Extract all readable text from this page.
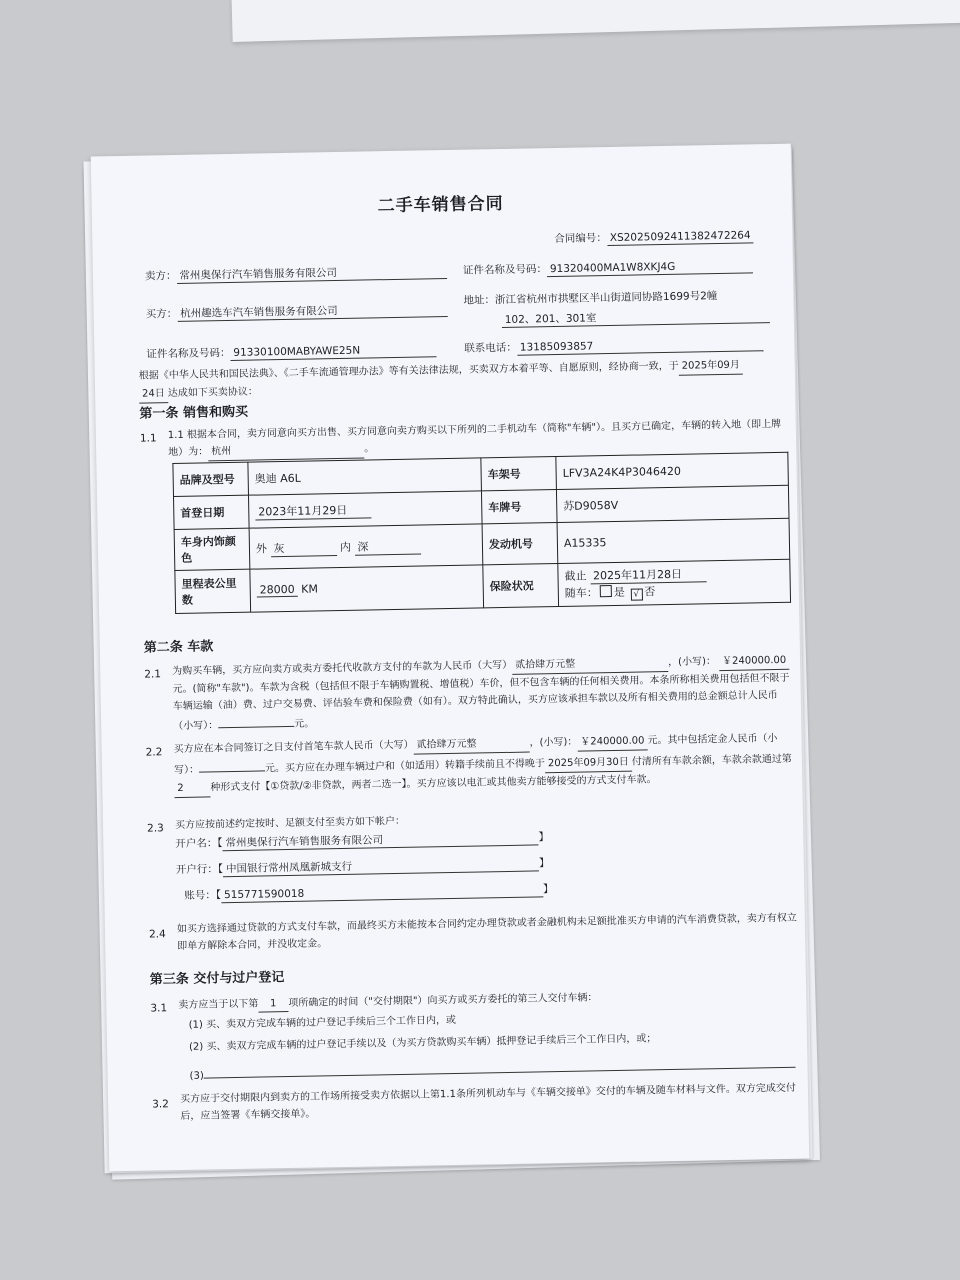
二手车销售合同
合同编号： XS2025092411382472264
卖方： 常州奥保行汽车销售服务有限公司	证件名称及号码： 91320400MA1W8XKJ4G
买方： 杭州趣选车汽车销售服务有限公司
地址：浙江省杭州市拱墅区半山街道同协路1699号2幢
102、201、301室
证件名称及号码： 91330100MABYAWE25N	联系电话： 13185093857
根据《中华人民共和国民法典》、《二手车流通管理办法》等有关法律法规，买卖双方本着平等、自愿原则，经协商一致，于 2025年09月
24日 达成如下买卖协议：
第一条 销售和购买
1.1 1.1 根据本合同，卖方同意向买方出售、买方同意向卖方购买以下所列的二手机动车（简称"车辆"）。且买方已确定，车辆的转入地（即上牌地）为： 杭州	。
品牌及型号	奥迪 A6L	车架号	LFV3A24K4P3046420
首登日期	2023年11月29日	车牌号	苏D9058V
车身内饰颜色	外 灰 内 深	发动机号	A15335
里程表公里数	28000 KM	保险状况	截止 2025年11月28日
随车： 是 √ 否
第二条 车款
2.1 为购买车辆，买方应向卖方或卖方委托代收款方支付的车款为人民币（大写） 贰拾肆万元整	，(小写)： ￥240000.00元。(简称"车款")。车款为含税（包括但不限于车辆购置税、增值税）车价，但不包含车辆的任何相关费用。本条所称相关费用包括但不限于车辆运输（油）费、过户交易费、评估验车费和保险费（如有）。双方特此确认，买方应该承担车款以及所有相关费用的总金额总计人民币（小写）：	元。
2.2 买方应在本合同签订之日支付首笔车款人民币（大写） 贰拾肆万元整	，(小写)： ￥240000.00 元。其中包括定金人民币（小写）：	元。买方应在办理车辆过户和（如适用）转籍手续前且不得晚于 2025年09月30日 付清所有车款余额，车款余款通过第2	种形式支付【①贷款/②非贷款，两者二选一】。买方应该以电汇或其他卖方能够接受的方式支付车款。
2.3 买方应按前述约定按时、足额支付至卖方如下帐户：
开户名：【 常州奥保行汽车销售服务有限公司	】
开户行：【 中国银行常州凤凰新城支行	】
账号：【 515771590018	】
2.4 如买方选择通过贷款的方式支付车款，而最终买方未能按本合同约定办理贷款或者金融机构未足额批准买方申请的汽车消费贷款，卖方有权立即单方解除本合同，并没收定金。
第三条 交付与过户登记
3.1 卖方应当于以下第 1 项所确定的时间（"交付期限"）向买方或买方委托的第三人交付车辆：
(1) 买、卖双方完成车辆的过户登记手续后三个工作日内，或
(2) 买、卖双方完成车辆的过户登记手续以及（为买方贷款购买车辆）抵押登记手续后三个工作日内，或；
(3)
3.2 买方应于交付期限内到卖方的工作场所接受卖方依据以上第1.1条所列机动车与《车辆交接单》交付的车辆及随车材料与文件。双方完成交付后，应当签署《车辆交接单》。
